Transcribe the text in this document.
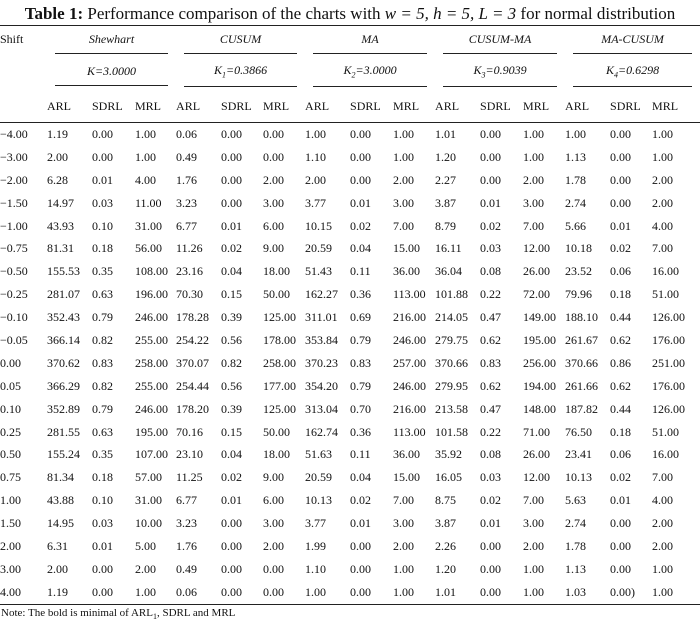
Table 1: Performance comparison of the charts with w = 5, h = 5, L = 3 for normal distribution
Shift	Shewhart			CUSUM			MA			CUSUM-MA			MA-CUSUM		

	K=3.0000			$K_1=0.3866$			$K_2=3.0000$			$K_3=0.9039$			$K_4=0.6298$		

	ARL	SDRL	MRL	ARL	SDRL	MRL	ARL	SDRL	MRL	ARL	SDRL	MRL	ARL	SDRL	MRL
−4.00	1.19	0.00	1.00	0.06	0.00	0.00	1.00	0.00	1.00	1.01	0.00	1.00	1.00	0.00	1.00
−3.00	2.00	0.00	1.00	0.49	0.00	0.00	1.10	0.00	1.00	1.20	0.00	1.00	1.13	0.00	1.00
−2.00	6.28	0.01	4.00	1.76	0.00	2.00	2.00	0.00	2.00	2.27	0.00	2.00	1.78	0.00	2.00
−1.50	14.97	0.03	11.00	3.23	0.00	3.00	3.77	0.01	3.00	3.87	0.01	3.00	2.74	0.00	2.00
−1.00	43.93	0.10	31.00	6.77	0.01	6.00	10.15	0.02	7.00	8.79	0.02	7.00	5.66	0.01	4.00
−0.75	81.31	0.18	56.00	11.26	0.02	9.00	20.59	0.04	15.00	16.11	0.03	12.00	10.18	0.02	7.00
−0.50	155.53	0.35	108.00	23.16	0.04	18.00	51.43	0.11	36.00	36.04	0.08	26.00	23.52	0.06	16.00
−0.25	281.07	0.63	196.00	70.30	0.15	50.00	162.27	0.36	113.00	101.88	0.22	72.00	79.96	0.18	51.00
−0.10	352.43	0.79	246.00	178.28	0.39	125.00	311.01	0.69	216.00	214.05	0.47	149.00	188.10	0.44	126.00
−0.05	366.14	0.82	255.00	254.22	0.56	178.00	353.84	0.79	246.00	279.75	0.62	195.00	261.67	0.62	176.00
0.00	370.62	0.83	258.00	370.07	0.82	258.00	370.23	0.83	257.00	370.66	0.83	256.00	370.66	0.86	251.00
0.05	366.29	0.82	255.00	254.44	0.56	177.00	354.20	0.79	246.00	279.95	0.62	194.00	261.66	0.62	176.00
0.10	352.89	0.79	246.00	178.20	0.39	125.00	313.04	0.70	216.00	213.58	0.47	148.00	187.82	0.44	126.00
0.25	281.55	0.63	195.00	70.16	0.15	50.00	162.74	0.36	113.00	101.58	0.22	71.00	76.50	0.18	51.00
0.50	155.24	0.35	107.00	23.10	0.04	18.00	51.63	0.11	36.00	35.92	0.08	26.00	23.41	0.06	16.00
0.75	81.34	0.18	57.00	11.25	0.02	9.00	20.59	0.04	15.00	16.05	0.03	12.00	10.13	0.02	7.00
1.00	43.88	0.10	31.00	6.77	0.01	6.00	10.13	0.02	7.00	8.75	0.02	7.00	5.63	0.01	4.00
1.50	14.95	0.03	10.00	3.23	0.00	3.00	3.77	0.01	3.00	3.87	0.01	3.00	2.74	0.00	2.00
2.00	6.31	0.01	5.00	1.76	0.00	2.00	1.99	0.00	2.00	2.26	0.00	2.00	1.78	0.00	2.00
3.00	2.00	0.00	2.00	0.49	0.00	0.00	1.10	0.00	1.00	1.20	0.00	1.00	1.13	0.00	1.00
4.00	1.19	0.00	1.00	0.06	0.00	0.00	1.00	0.00	1.00	1.01	0.00	1.00	1.03	0.00)	1.00
Note: The bold is minimal of $ARL_1$, SDRL and MRL
